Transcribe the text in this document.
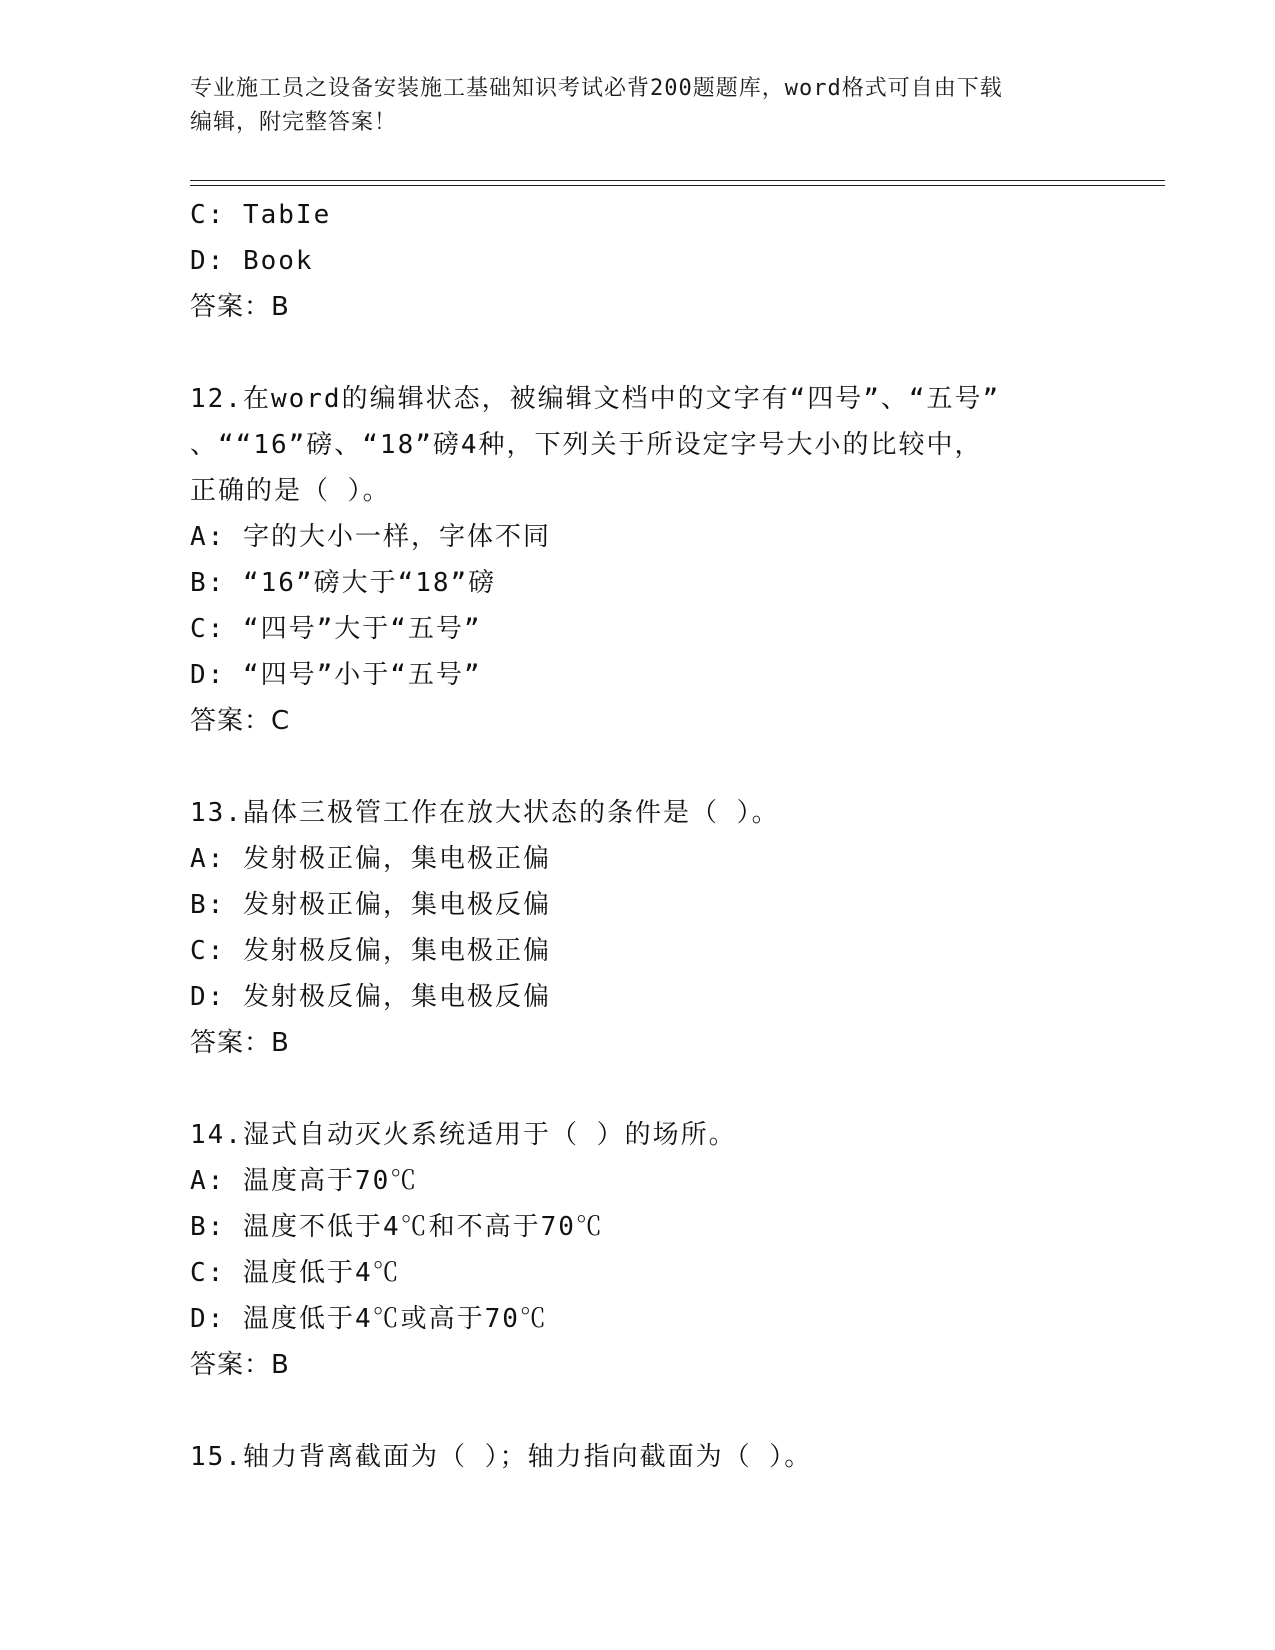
专业施工员之设备安装施工基础知识考试必背200题题库，word格式可自由下载
编辑，附完整答案！
C: TabIe
D: Book
答案：B
12.在word的编辑状态，被编辑文档中的文字有“四号”、“五号”
、““16”磅、“18”磅4种，下列关于所设定字号大小的比较中，
正确的是（ ）。
A: 字的大小一样，字体不同
B: “16”磅大于“18”磅
C: “四号”大于“五号”
D: “四号”小于“五号”
答案：C
13.晶体三极管工作在放大状态的条件是（ ）。
A: 发射极正偏，集电极正偏
B: 发射极正偏，集电极反偏
C: 发射极反偏，集电极正偏
D: 发射极反偏，集电极反偏
答案：B
14.湿式自动灭火系统适用于（ ）的场所。
A: 温度高于70℃
B: 温度不低于4℃和不高于70℃
C: 温度低于4℃
D: 温度低于4℃或高于70℃
答案：B
15.轴力背离截面为（ ）；轴力指向截面为（ ）。
